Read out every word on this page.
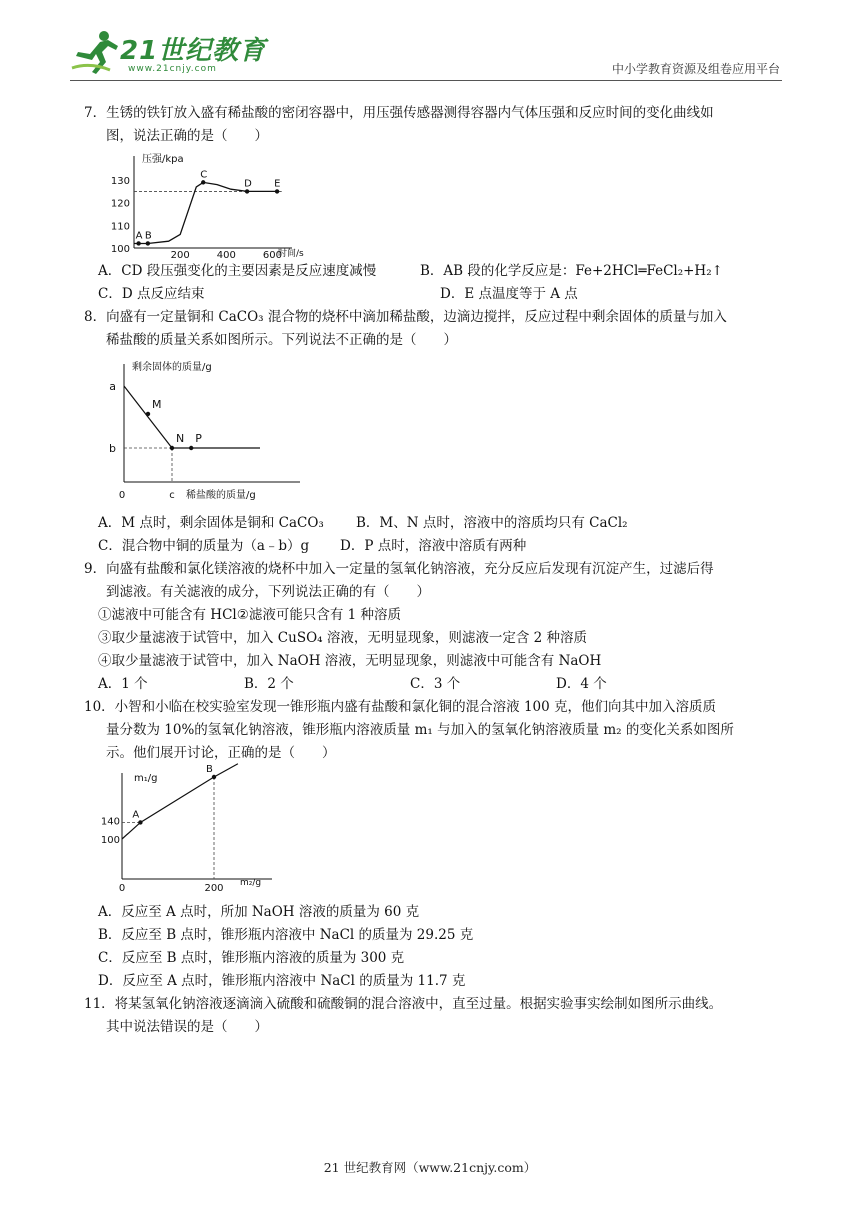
21世纪教育
www.21cnjy.com	中小学教育资源及组卷应用平台
7．生锈的铁钉放入盛有稀盐酸的密闭容器中，用压强传感器测得容器内气体压强和反应时间的变化曲线如
图，说法正确的是（　　）
压强/kpa
时间/s
100
110
120
130
200	400	600
A B
C
D E
A．CD 段压强变化的主要因素是反应速度减慢	B．AB 段的化学反应是：Fe+2HCl═FeCl₂+H₂↑
C．D 点反应结束	D．E 点温度等于 A 点
8．向盛有一定量铜和 CaCO₃ 混合物的烧杯中滴加稀盐酸，边滴边搅拌，反应过程中剩余固体的质量与加入
稀盐酸的质量关系如图所示。下列说法不正确的是（　　）
剩余固体的质量/g
稀盐酸的质量/g
a
b
0	c
M
N P
A．M 点时，剩余固体是铜和 CaCO₃	B．M、N 点时，溶液中的溶质均只有 CaCl₂
C．混合物中铜的质量为（a﹣b）g	D．P 点时，溶液中溶质有两种
9．向盛有盐酸和氯化镁溶液的烧杯中加入一定量的氢氧化钠溶液，充分反应后发现有沉淀产生，过滤后得
到滤液。有关滤液的成分，下列说法正确的有（　　）
①滤液中可能含有 HCl②滤液可能只含有 1 种溶质
③取少量滤液于试管中，加入 CuSO₄ 溶液，无明显现象，则滤液一定含 2 种溶质
④取少量滤液于试管中，加入 NaOH 溶液，无明显现象，则滤液中可能含有 NaOH
A．1 个	B．2 个	C．3 个	D．4 个
10．小智和小临在校实验室发现一锥形瓶内盛有盐酸和氯化铜的混合溶液 100 克，他们向其中加入溶质质
量分数为 10%的氢氧化钠溶液，锥形瓶内溶液质量 m₁ 与加入的氢氧化钠溶液质量 m₂ 的变化关系如图所
示。他们展开讨论，正确的是（　　）
m₁/g
m₂/g
100
140
0	200
A
B
A．反应至 A 点时，所加 NaOH 溶液的质量为 60 克
B．反应至 B 点时，锥形瓶内溶液中 NaCl 的质量为 29.25 克
C．反应至 B 点时，锥形瓶内溶液的质量为 300 克
D．反应至 A 点时，锥形瓶内溶液中 NaCl 的质量为 11.7 克
11．将某氢氧化钠溶液逐滴滴入硫酸和硫酸铜的混合溶液中，直至过量。根据实验事实绘制如图所示曲线。
其中说法错误的是（　　）
21 世纪教育网（www.21cnjy.com）
